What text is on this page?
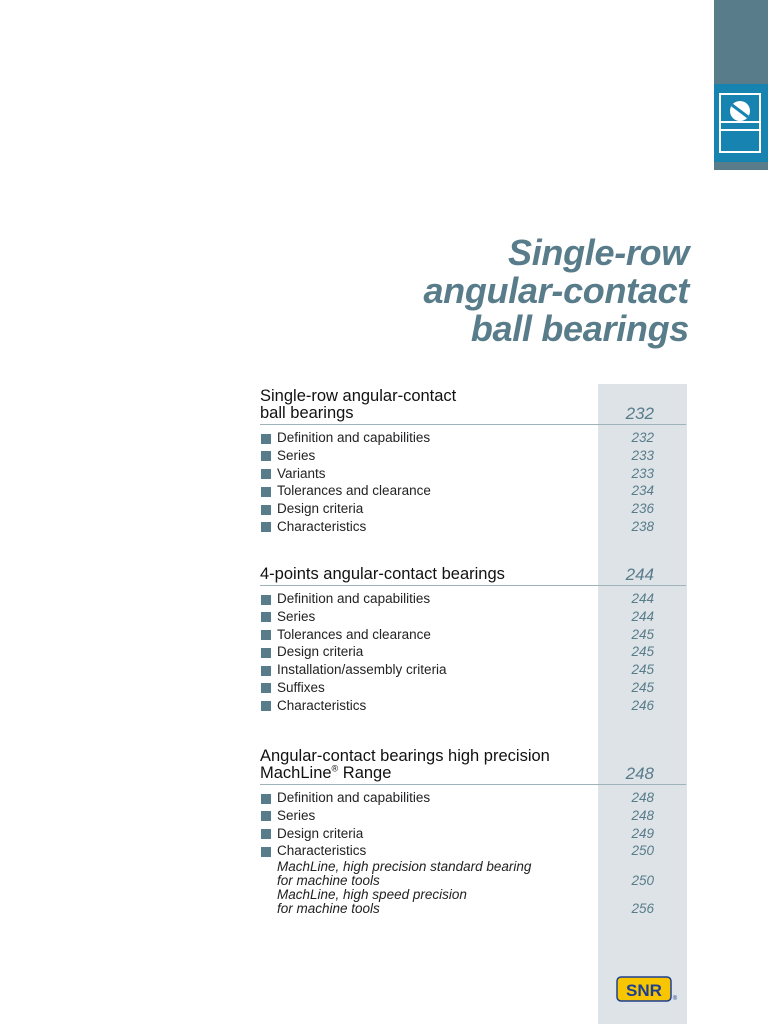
Single-row
angular-contact
ball bearings
Single-row angular-contact
ball bearings	232
Definition and capabilities	232
Series	233
Variants	233
Tolerances and clearance	234
Design criteria	236
Characteristics	238
4-points angular-contact bearings	244
Definition and capabilities	244
Series	244
Tolerances and clearance	245
Design criteria	245
Installation/assembly criteria	245
Suffixes	245
Characteristics	246
Angular-contact bearings high precision
MachLine® Range	248
Definition and capabilities	248
Series	248
Design criteria	249
Characteristics	250
MachLine, high precision standard bearing
for machine tools	250
MachLine, high speed precision
for machine tools	256
SNR ®
